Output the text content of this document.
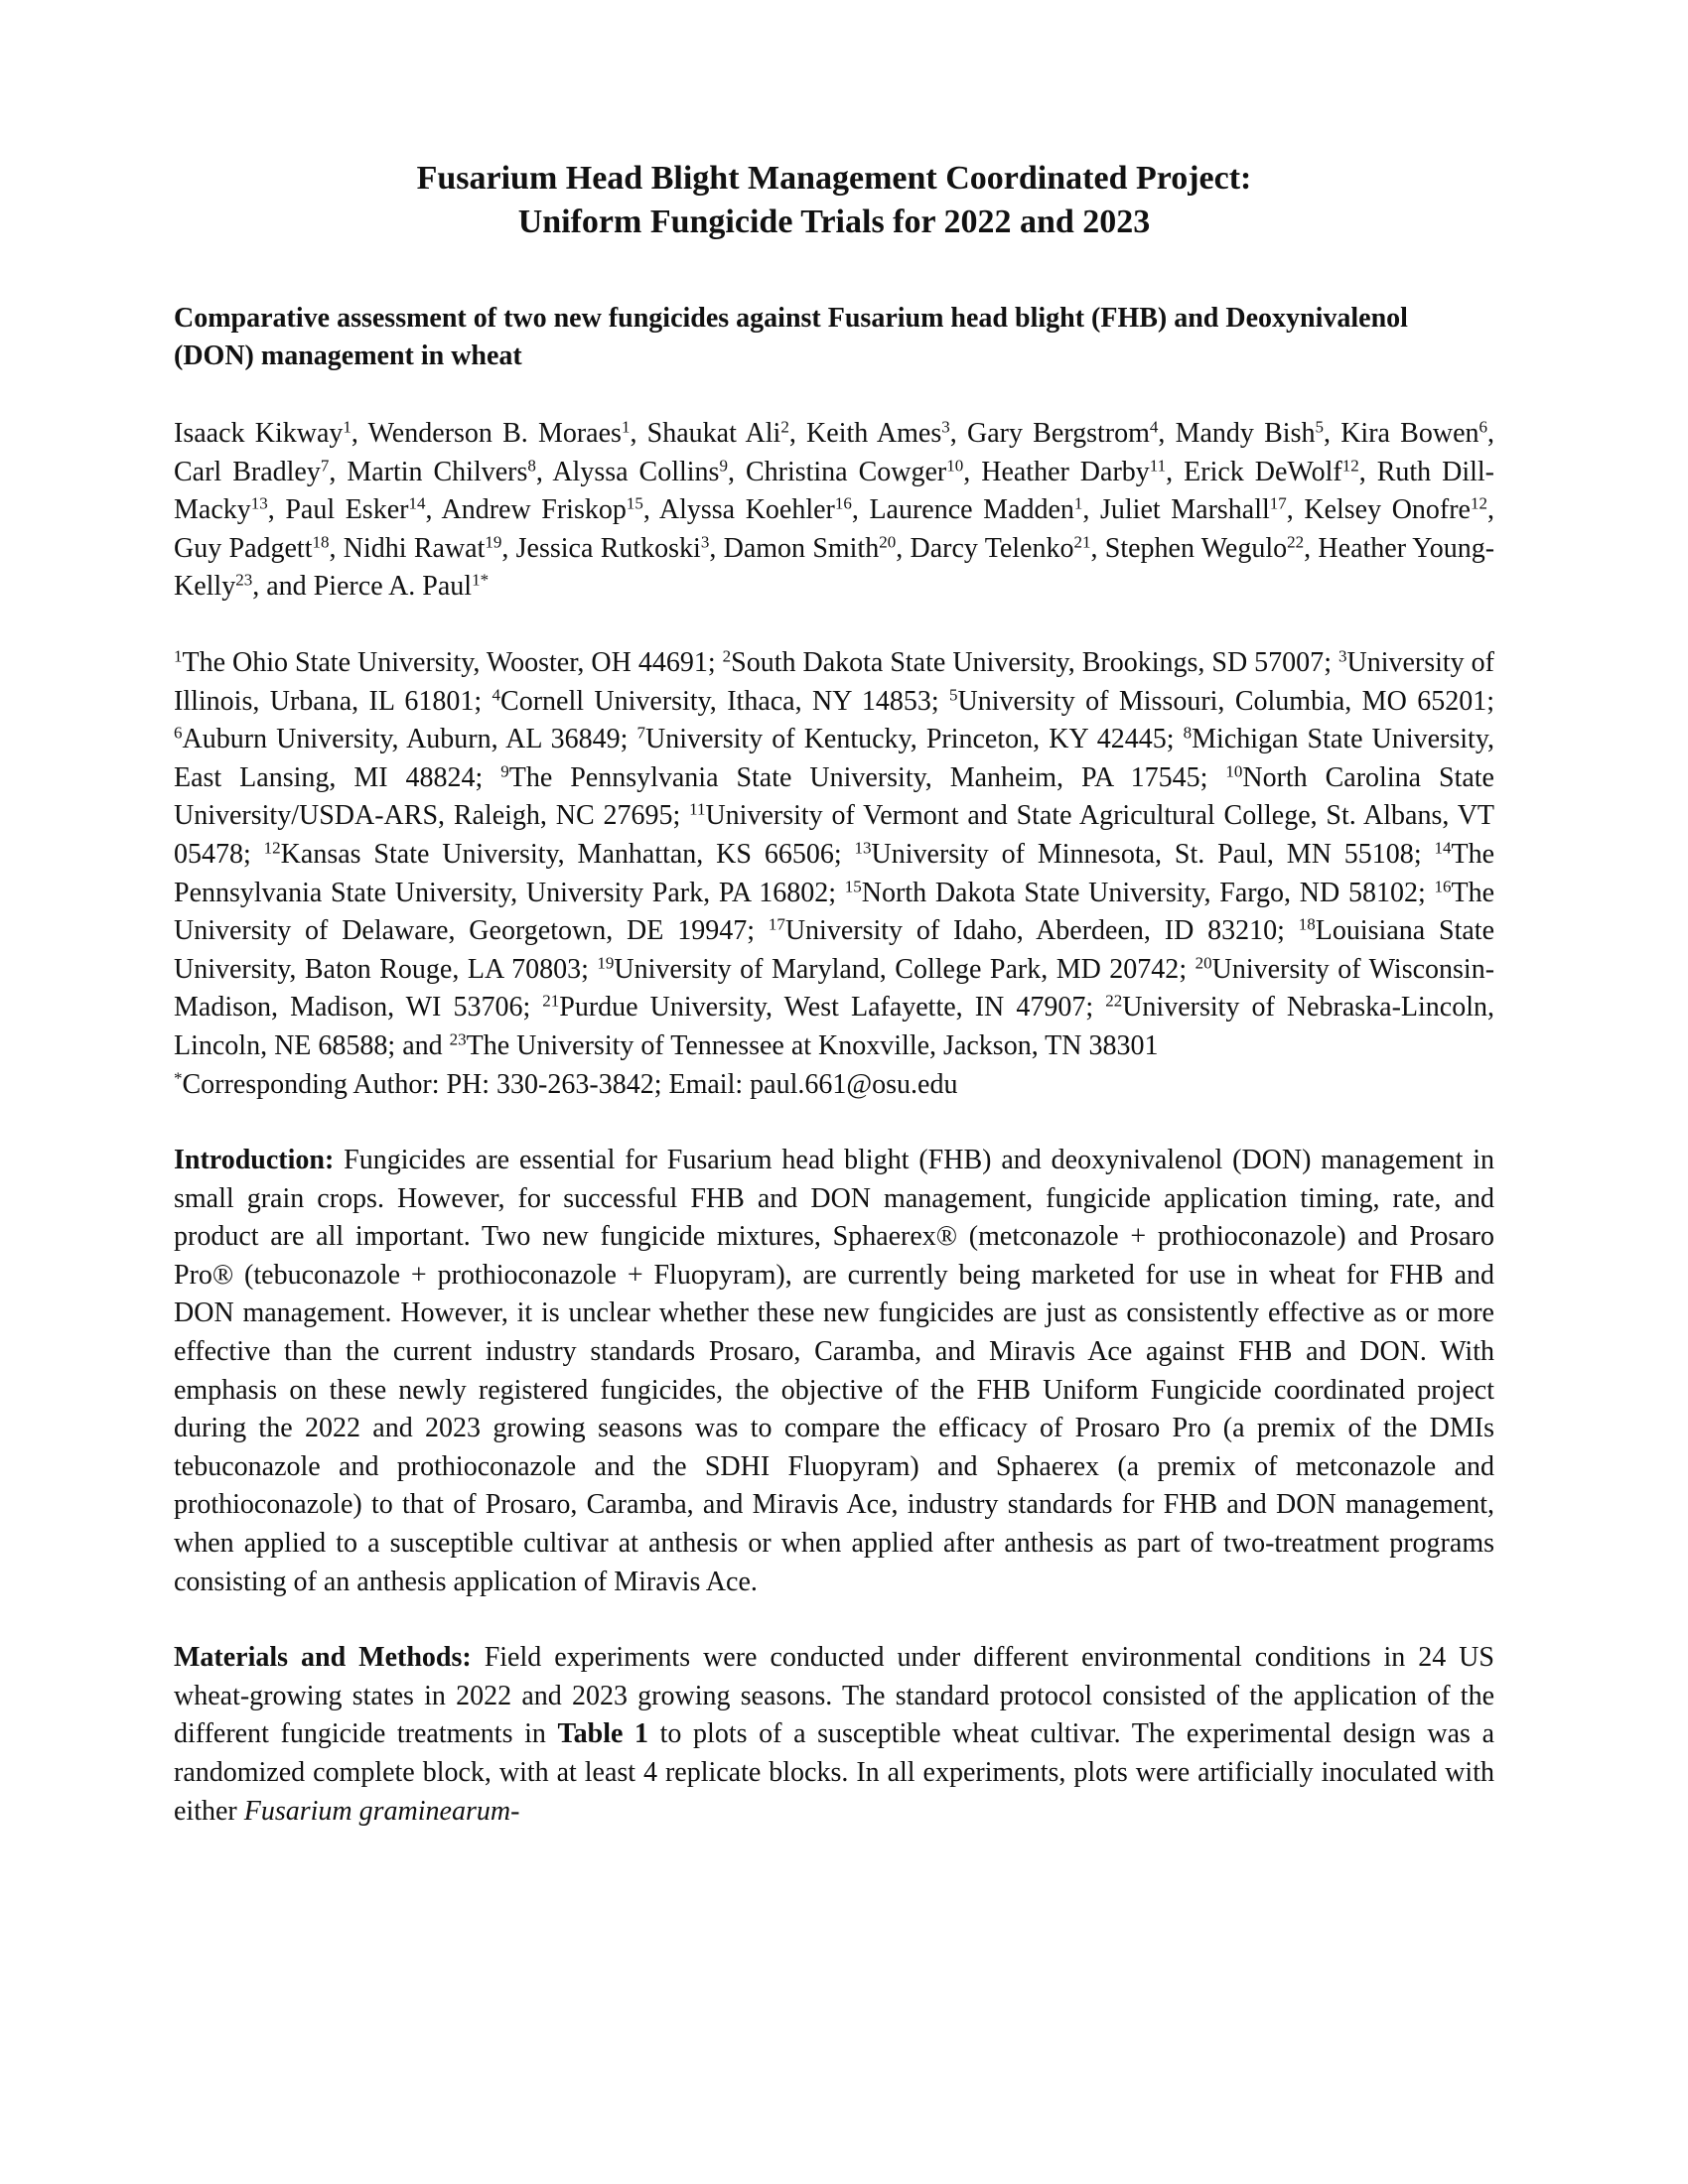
Fusarium Head Blight Management Coordinated Project:
Uniform Fungicide Trials for 2022 and 2023

Comparative assessment of two new fungicides against Fusarium head blight (FHB) and Deoxynivalenol (DON) management in wheat

Isaack Kikway$^1$, Wenderson B. Moraes$^1$, Shaukat Ali$^2$, Keith Ames$^3$, Gary Bergstrom$^4$, Mandy Bish$^5$, Kira Bowen$^6$, Carl Bradley$^7$, Martin Chilvers$^8$, Alyssa Collins$^9$, Christina Cowger$^{10}$, Heather Darby$^{11}$, Erick DeWolf$^{12}$, Ruth Dill-Macky$^{13}$, Paul Esker$^{14}$, Andrew Friskop$^{15}$, Alyssa Koehler$^{16}$, Laurence Madden$^1$, Juliet Marshall$^{17}$, Kelsey Onofre$^{12}$, Guy Padgett$^{18}$, Nidhi Rawat$^{19}$, Jessica Rutkoski$^3$, Damon Smith$^{20}$, Darcy Telenko$^{21}$, Stephen Wegulo$^{22}$, Heather Young-Kelly$^{23}$, and Pierce A. Paul$^{1*}$

$^1$The Ohio State University, Wooster, OH 44691; $^2$South Dakota State University, Brookings, SD 57007; $^3$University of Illinois, Urbana, IL 61801; $^4$Cornell University, Ithaca, NY 14853; $^5$University of Missouri, Columbia, MO 65201; $^6$Auburn University, Auburn, AL 36849; $^7$University of Kentucky, Princeton, KY 42445; $^8$Michigan State University, East Lansing, MI 48824; $^9$The Pennsylvania State University, Manheim, PA 17545; $^{10}$North Carolina State University/USDA-ARS, Raleigh, NC 27695; $^{11}$University of Vermont and State Agricultural College, St. Albans, VT 05478; $^{12}$Kansas State University, Manhattan, KS 66506; $^{13}$University of Minnesota, St. Paul, MN 55108; $^{14}$The Pennsylvania State University, University Park, PA 16802; $^{15}$North Dakota State University, Fargo, ND 58102; $^{16}$The University of Delaware, Georgetown, DE 19947; $^{17}$University of Idaho, Aberdeen, ID 83210; $^{18}$Louisiana State University, Baton Rouge, LA 70803; $^{19}$University of Maryland, College Park, MD 20742; $^{20}$University of Wisconsin-Madison, Madison, WI 53706; $^{21}$Purdue University, West Lafayette, IN 47907; $^{22}$University of Nebraska-Lincoln, Lincoln, NE 68588; and $^{23}$The University of Tennessee at Knoxville, Jackson, TN 38301

*Corresponding Author: PH: 330-263-3842; Email: paul.661@osu.edu

Introduction: Fungicides are essential for Fusarium head blight (FHB) and deoxynivalenol (DON) management in small grain crops. However, for successful FHB and DON management, fungicide application timing, rate, and product are all important. Two new fungicide mixtures, Sphaerex® (metconazole + prothioconazole) and Prosaro Pro® (tebuconazole + prothioconazole + Fluopyram), are currently being marketed for use in wheat for FHB and DON management. However, it is unclear whether these new fungicides are just as consistently effective as or more effective than the current industry standards Prosaro, Caramba, and Miravis Ace against FHB and DON. With emphasis on these newly registered fungicides, the objective of the FHB Uniform Fungicide coordinated project during the 2022 and 2023 growing seasons was to compare the efficacy of Prosaro Pro (a premix of the DMIs tebuconazole and prothioconazole and the SDHI Fluopyram) and Sphaerex (a premix of metconazole and prothioconazole) to that of Prosaro, Caramba, and Miravis Ace, industry standards for FHB and DON management, when applied to a susceptible cultivar at anthesis or when applied after anthesis as part of two-treatment programs consisting of an anthesis application of Miravis Ace.

Materials and Methods: Field experiments were conducted under different environmental conditions in 24 US wheat-growing states in 2022 and 2023 growing seasons. The standard protocol consisted of the application of the different fungicide treatments in Table 1 to plots of a susceptible wheat cultivar. The experimental design was a randomized complete block, with at least 4 replicate blocks. In all experiments, plots were artificially inoculated with either Fusarium graminearum-
